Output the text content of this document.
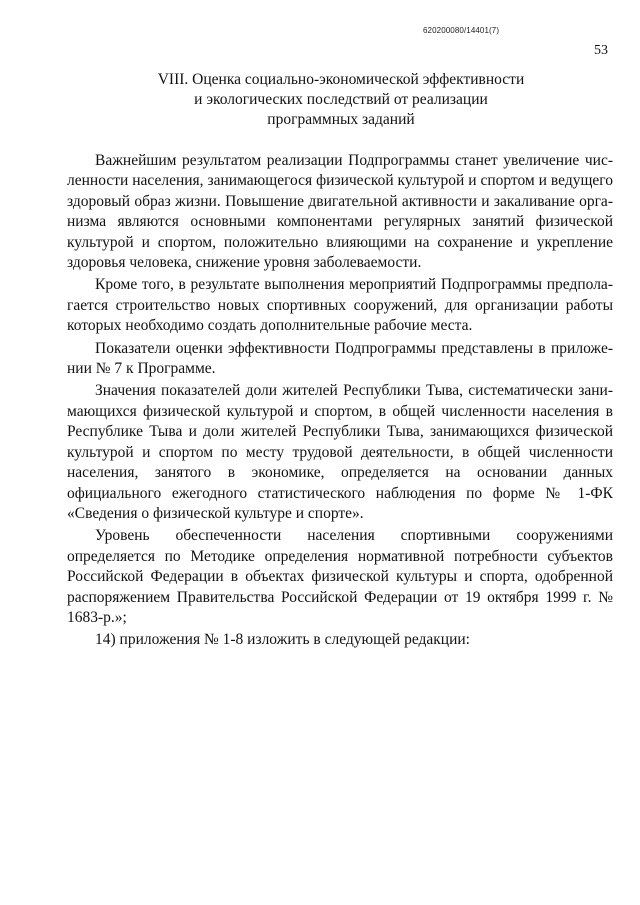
620200080/14401(7)
53
VIII. Оценка социально-экономической эффективности
и экологических последствий от реализации
программных заданий

Важнейшим результатом реализации Подпрограммы станет увеличение численности населения, занимающегося физической культурой и спортом и ведущего здоровый образ жизни. Повышение двигательной активности и закаливание организма являются основными компонентами регулярных занятий физической культурой и спортом, положительно влияющими на сохранение и укрепление здоровья человека, снижение уровня заболеваемости.

Кроме того, в результате выполнения мероприятий Подпрограммы предполагается строительство новых спортивных сооружений, для организации работы которых необходимо создать дополнительные рабочие места.

Показатели оценки эффективности Подпрограммы представлены в приложении № 7 к Программе.

Значения показателей доли жителей Республики Тыва, систематически занимающихся физической культурой и спортом, в общей численности населения в Республике Тыва и доли жителей Республики Тыва, занимающихся физической культурой и спортом по месту трудовой деятельности, в общей численности населения, занятого в экономике, определяется на основании данных официального ежегодного статистического наблюдения по форме № 1-ФК «Сведения о физической культуре и спорте».

Уровень обеспеченности населения спортивными сооружениями определяется по Методике определения нормативной потребности субъектов Российской Федерации в объектах физической культуры и спорта, одобренной распоряжением Правительства Российской Федерации от 19 октября 1999 г. № 1683-р.»;

14) приложения № 1-8 изложить в следующей редакции:
